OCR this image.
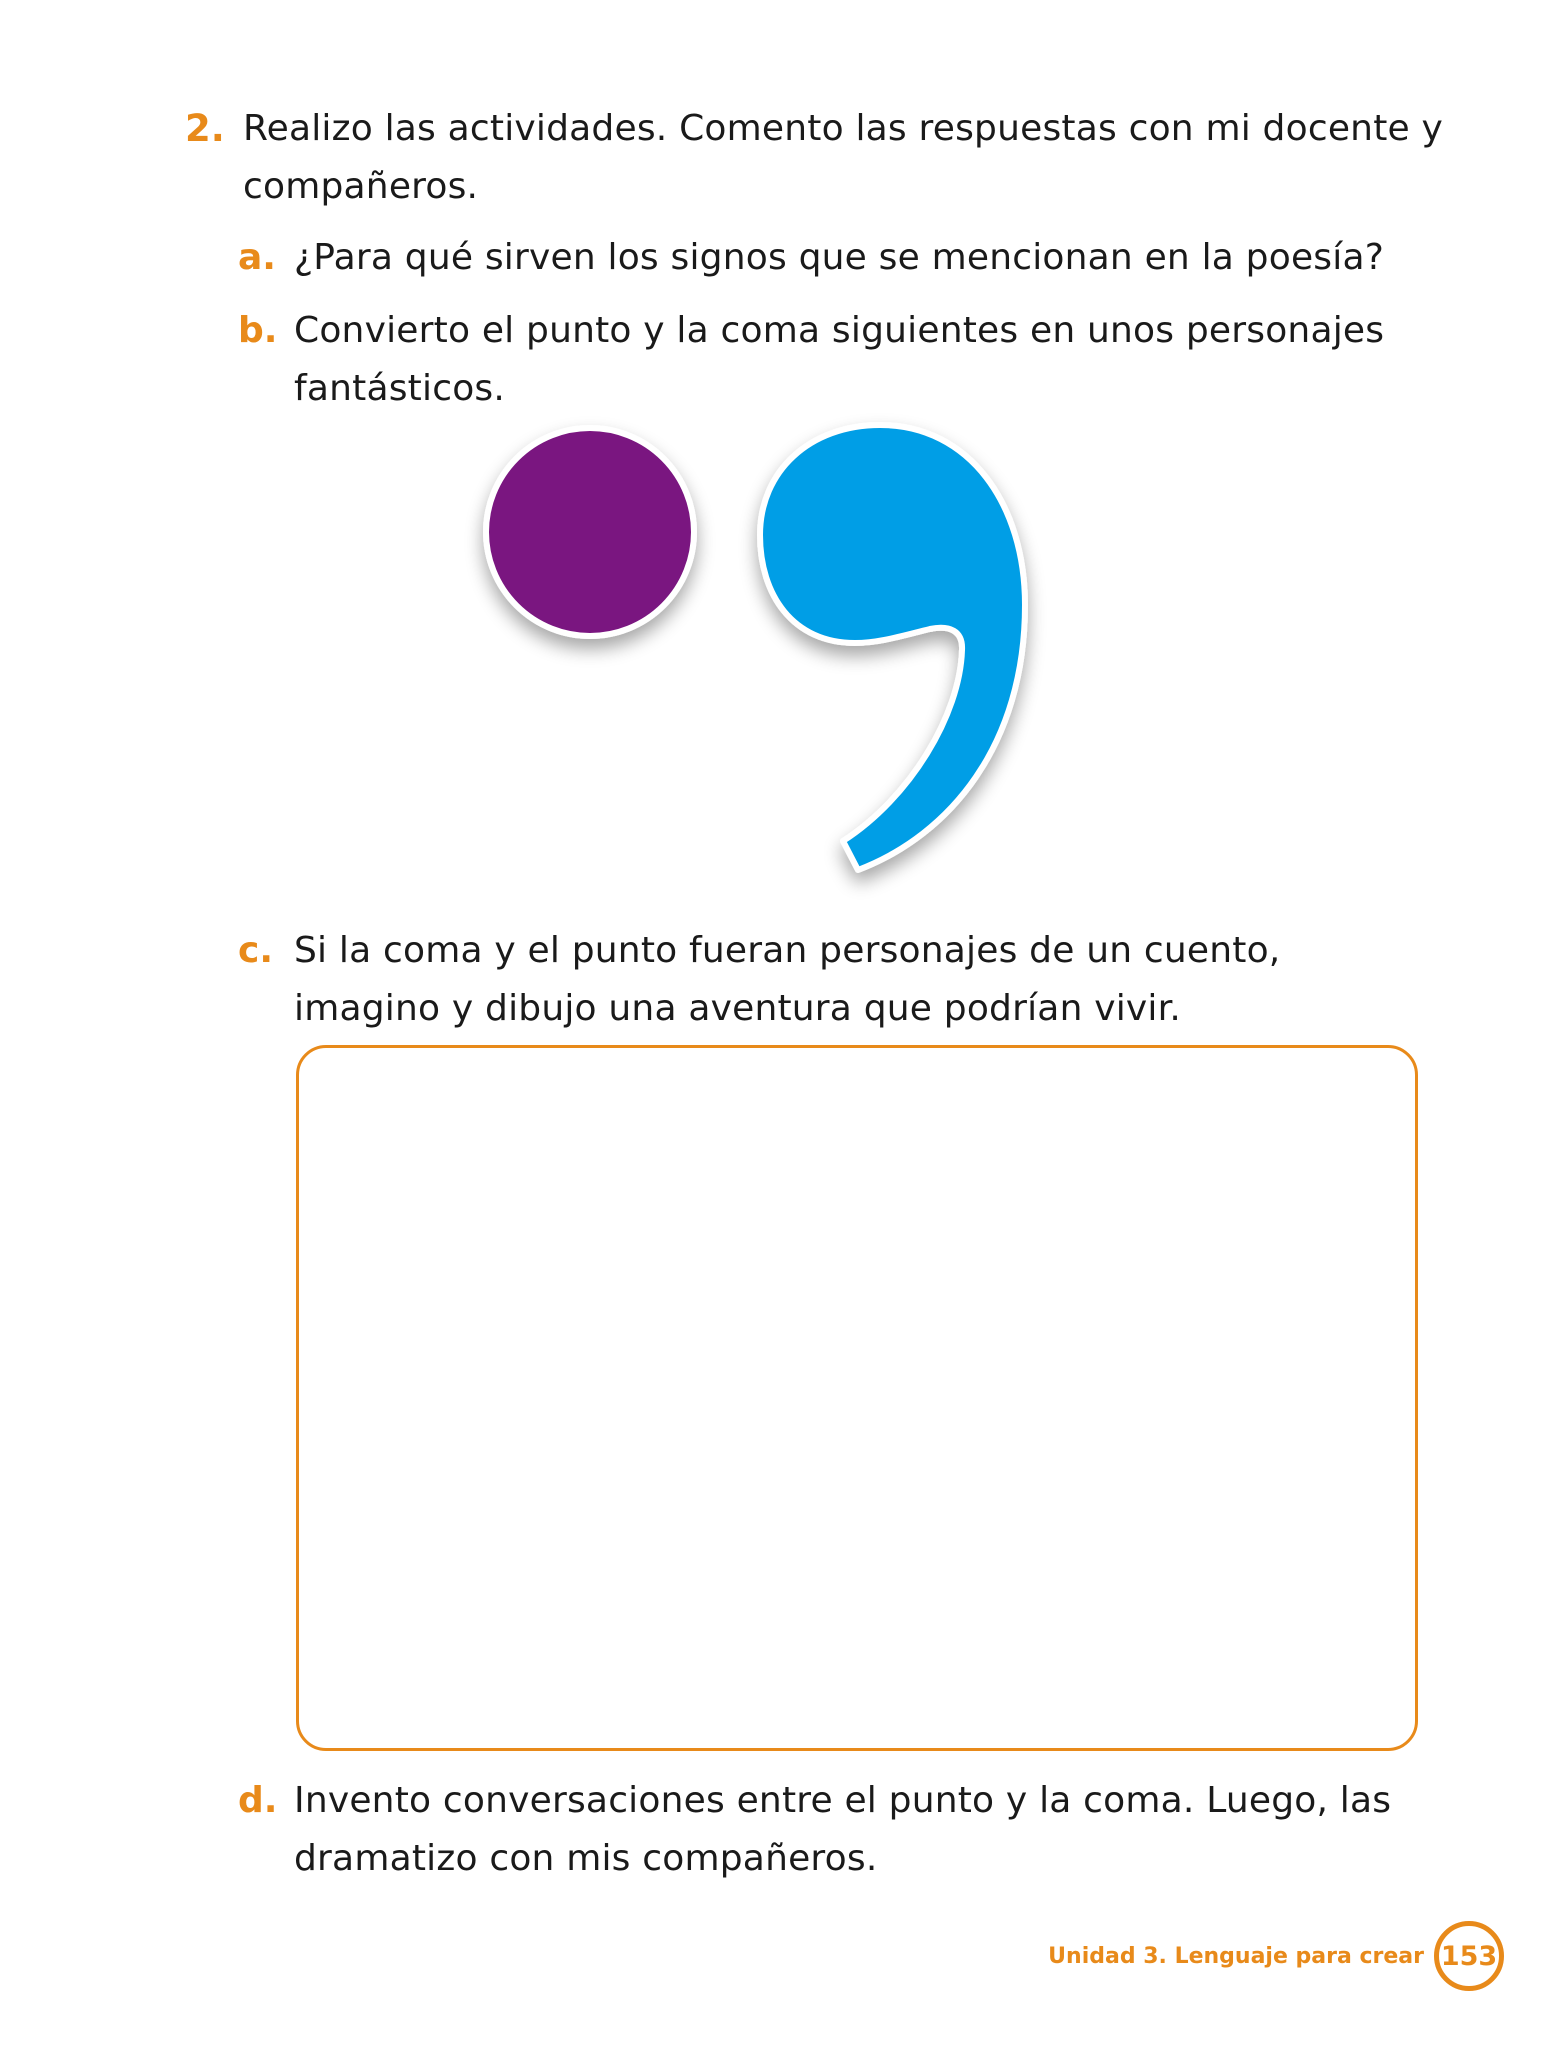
2. Realizo las actividades. Comento las respuestas con mi docente y compañeros.
a. ¿Para qué sirven los signos que se mencionan en la poesía?
b. Convierto el punto y la coma siguientes en unos personajes fantásticos.
c. Si la coma y el punto fueran personajes de un cuento, imagino y dibujo una aventura que podrían vivir.
d. Invento conversaciones entre el punto y la coma. Luego, las dramatizo con mis compañeros.
Unidad 3. Lenguaje para crear 153
